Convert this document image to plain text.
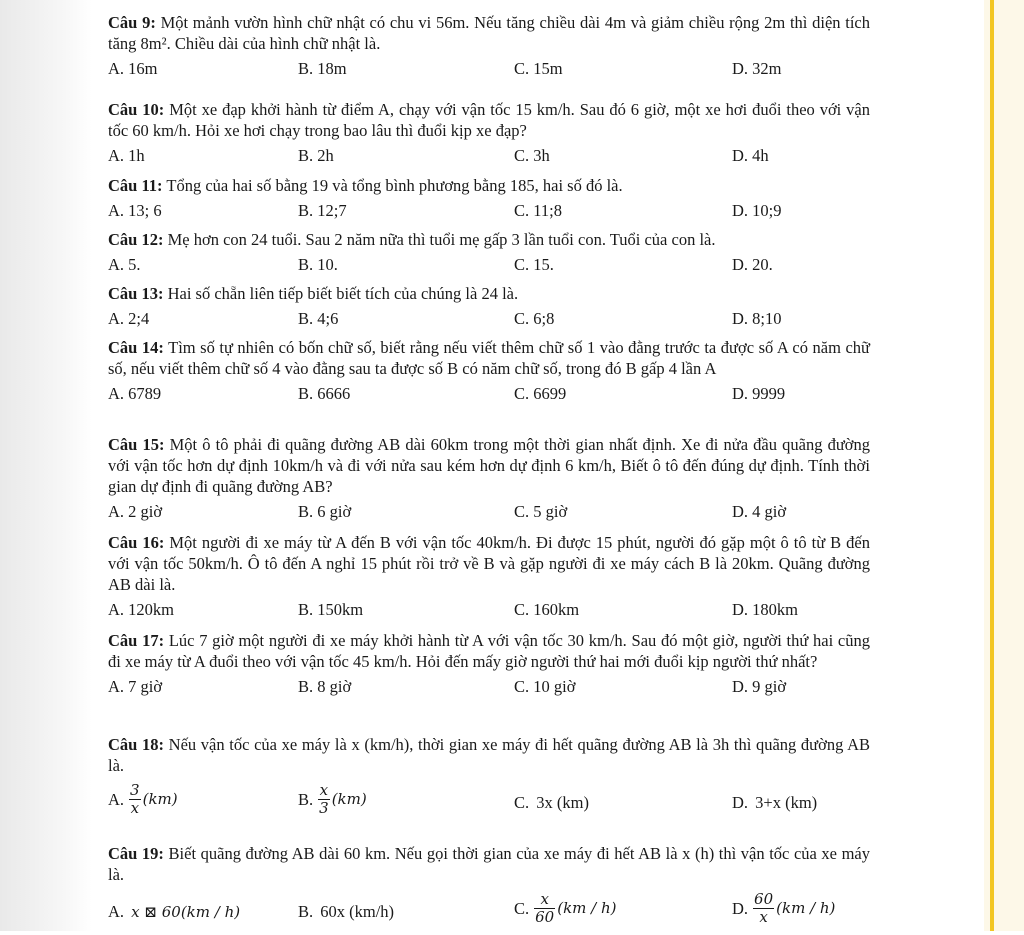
Câu 9: Một mảnh vườn hình chữ nhật có chu vi 56m. Nếu tăng chiều dài 4m và giảm chiều rộng 2m thì diện tích tăng 8m². Chiều dài của hình chữ nhật là.

A. 16m	B. 18m	C. 15m	D. 32m

Câu 10: Một xe đạp khởi hành từ điểm A, chạy với vận tốc 15 km/h. Sau đó 6 giờ, một xe hơi đuổi theo với vận tốc 60 km/h. Hỏi xe hơi chạy trong bao lâu thì đuổi kịp xe đạp?

A. 1h	B. 2h	C. 3h	D. 4h

Câu 11: Tổng của hai số bằng 19 và tổng bình phương bằng 185, hai số đó là.

A. 13; 6	B. 12;7	C. 11;8	D. 10;9

Câu 12: Mẹ hơn con 24 tuổi. Sau 2 năm nữa thì tuổi mẹ gấp 3 lần tuổi con. Tuổi của con là.

A. 5.	B. 10.	C. 15.	D. 20.

Câu 13: Hai số chẵn liên tiếp biết biết tích của chúng là 24 là.

A. 2;4	B. 4;6	C. 6;8	D. 8;10

Câu 14: Tìm số tự nhiên có bốn chữ số, biết rằng nếu viết thêm chữ số 1 vào đằng trước ta được số A có năm chữ số, nếu viết thêm chữ số 4 vào đằng sau ta được số B có năm chữ số, trong đó B gấp 4 lần A

A. 6789	B. 6666	C. 6699	D. 9999

Câu 15: Một ô tô phải đi quãng đường AB dài 60km trong một thời gian nhất định. Xe đi nửa đầu quãng đường với vận tốc hơn dự định 10km/h và đi với nửa sau kém hơn dự định 6 km/h, Biết ô tô đến đúng dự định. Tính thời gian dự định đi quãng đường AB?

A. 2 giờ	B. 6 giờ	C. 5 giờ	D. 4 giờ

Câu 16: Một người đi xe máy từ A đến B với vận tốc 40km/h. Đi được 15 phút, người đó gặp một ô tô từ B đến với vận tốc 50km/h. Ô tô đến A nghỉ 15 phút rồi trở về B và gặp người đi xe máy cách B là 20km. Quãng đường AB dài là.

A. 120km	B. 150km	C. 160km	D. 180km

Câu 17: Lúc 7 giờ một người đi xe máy khởi hành từ A với vận tốc 30 km/h. Sau đó một giờ, người thứ hai cũng đi xe máy từ A đuổi theo với vận tốc 45 km/h. Hỏi đến mấy giờ người thứ hai mới đuổi kịp người thứ nhất?

A. 7 giờ	B. 8 giờ	C. 10 giờ	D. 9 giờ

Câu 18: Nếu vận tốc của xe máy là x (km/h), thời gian xe máy đi hết quãng đường AB là 3h thì quãng đường AB là.

A. $\frac{3}{x} (km)$	B. $\frac{x}{3} (km)$	C. 3x (km)	D. 3+x (km)

Câu 19: Biết quãng đường AB dài 60 km. Nếu gọi thời gian của xe máy đi hết AB là x (h) thì vận tốc của xe máy là.

A. x ⊠ 60(km / h)	B. 60x (km/h)	C. $\frac{x}{60} (km / h)$	D. $\frac{60}{x} (km / h)$
